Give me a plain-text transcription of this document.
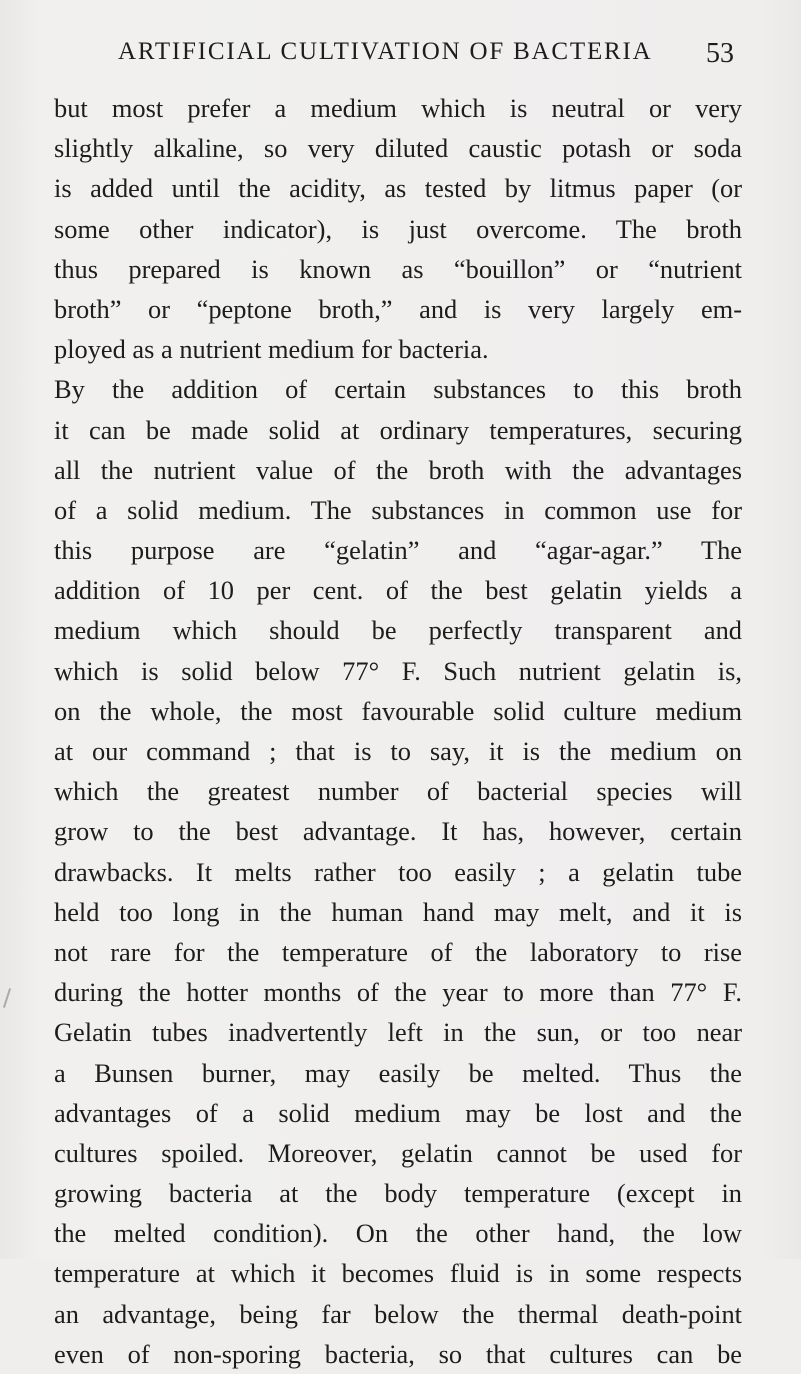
ARTIFICIAL CULTIVATION OF BACTERIA 53
but most prefer a medium which is neutral or very
slightly alkaline, so very diluted caustic potash or soda
is added until the acidity, as tested by litmus paper (or
some other indicator), is just overcome. The broth
thus prepared is known as “bouillon” or “nutrient
broth” or “peptone broth,” and is very largely em-
ployed as a nutrient medium for bacteria.
By the addition of certain substances to this broth
it can be made solid at ordinary temperatures, securing
all the nutrient value of the broth with the advantages
of a solid medium. The substances in common use for
this purpose are “gelatin” and “agar-agar.” The
addition of 10 per cent. of the best gelatin yields a
medium which should be perfectly transparent and
which is solid below 77° F. Such nutrient gelatin is,
on the whole, the most favourable solid culture medium
at our command ; that is to say, it is the medium on
which the greatest number of bacterial species will
grow to the best advantage. It has, however, certain
drawbacks. It melts rather too easily ; a gelatin tube
held too long in the human hand may melt, and it is
not rare for the temperature of the laboratory to rise
during the hotter months of the year to more than 77° F.
Gelatin tubes inadvertently left in the sun, or too near
a Bunsen burner, may easily be melted. Thus the
advantages of a solid medium may be lost and the
cultures spoiled. Moreover, gelatin cannot be used for
growing bacteria at the body temperature (except in
the melted condition). On the other hand, the low
temperature at which it becomes fluid is in some respects
an advantage, being far below the thermal death-point
even of non-sporing bacteria, so that cultures can be
